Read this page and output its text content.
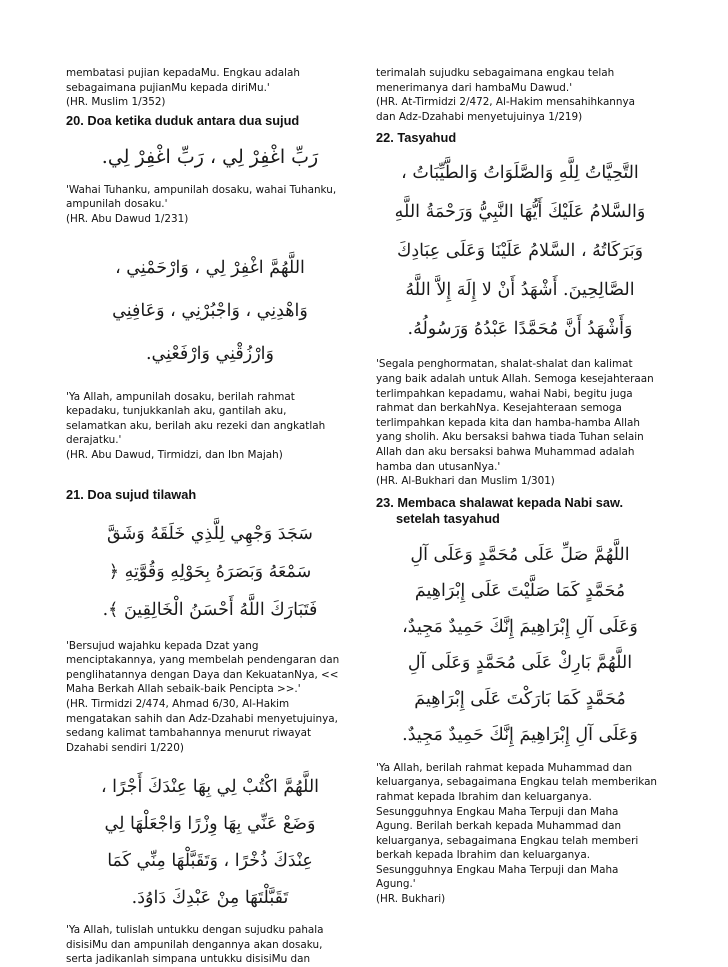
membatasi pujian kepadaMu. Engkau adalah
sebagaimana pujianMu kepada diriMu.'
(HR. Muslim 1/352)
20. Doa ketika duduk antara dua sujud
رَبِّ اغْفِرْ لِي ، رَبِّ اغْفِرْ لِي.
'Wahai Tuhanku, ampunilah dosaku, wahai Tuhanku,
ampunilah dosaku.'
(HR. Abu Dawud 1/231)
اللَّهُمَّ اغْفِرْ لِي ، وَارْحَمْنِي ،
وَاهْدِنِي ، وَاجْبُرْنِي ، وَعَافِنِي
وَارْزُقْنِي وَارْفَعْنِي.
'Ya Allah, ampunilah dosaku, berilah rahmat
kepadaku, tunjukkanlah aku, gantilah aku,
selamatkan aku, berilah aku rezeki dan angkatlah
derajatku.'
(HR. Abu Dawud, Tirmidzi, dan Ibn Majah)
21. Doa sujud tilawah
سَجَدَ وَجْهِي لِلَّذِي خَلَقَهُ وَشَقَّ
سَمْعَهُ وَبَصَرَهُ بِحَوْلِهِ وَقُوَّتِهِ ﴿
فَتَبَارَكَ اللَّهُ أَحْسَنُ الْخَالِقِينَ ﴾.
'Bersujud wajahku kepada Dzat yang
menciptakannya, yang membelah pendengaran dan
penglihatannya dengan Daya dan KekuatanNya, <<
Maha Berkah Allah sebaik-baik Pencipta >>.'
(HR. Tirmidzi 2/474, Ahmad 6/30, Al-Hakim
mengatakan sahih dan Adz-Dzahabi menyetujuinya,
sedang kalimat tambahannya menurut riwayat
Dzahabi sendiri 1/220)
اللَّهُمَّ اكْتُبْ لِي بِهَا عِنْدَكَ أَجْرًا ،
وَضَعْ عَنِّي بِهَا وِزْرًا وَاجْعَلْهَا لِي
عِنْدَكَ ذُخْرًا ، وَتَقَبَّلْهَا مِنِّي كَمَا
تَقَبَّلْتَهَا مِنْ عَبْدِكَ دَاوُدَ.
'Ya Allah, tulislah untukku dengan sujudku pahala
disisiMu dan ampunilah dengannya akan dosaku,
serta jadikanlah simpana untukku disisiMu dan
terimalah sujudku sebagaimana engkau telah
menerimanya dari hambaMu Dawud.'
(HR. At-Tirmidzi 2/472, Al-Hakim mensahihkannya
dan Adz-Dzahabi menyetujuinya 1/219)
22. Tasyahud
التَّحِيَّاتُ لِلَّهِ وَالصَّلَوَاتُ وَالطَّيِّبَاتُ ،
وَالسَّلامُ عَلَيْكَ أَيُّهَا النَّبِيُّ وَرَحْمَةُ اللَّهِ
وَبَرَكَاتُهُ ، السَّلامُ عَلَيْنَا وَعَلَى عِبَادِكَ
الصَّالِحِينَ. أَشْهَدُ أَنْ لا إِلَهَ إِلاَّ اللَّهُ
وَأَشْهَدُ أَنَّ مُحَمَّدًا عَبْدُهُ وَرَسُولُهُ.
'Segala penghormatan, shalat-shalat dan kalimat
yang baik adalah untuk Allah. Semoga kesejahteraan
terlimpahkan kepadamu, wahai Nabi, begitu juga
rahmat dan berkahNya. Kesejahteraan semoga
terlimpahkan kepada kita dan hamba-hamba Allah
yang sholih. Aku bersaksi bahwa tiada Tuhan selain
Allah dan aku bersaksi bahwa Muhammad adalah
hamba dan utusanNya.'
(HR. Al-Bukhari dan Muslim 1/301)
23. Membaca shalawat kepada Nabi saw.
setelah tasyahud
اللَّهُمَّ صَلِّ عَلَى مُحَمَّدٍ وَعَلَى آلِ
مُحَمَّدٍ كَمَا صَلَّيْتَ عَلَى إِبْرَاهِيمَ
وَعَلَى آلِ إِبْرَاهِيمَ إِنَّكَ حَمِيدٌ مَجِيدٌ،
اللَّهُمَّ بَارِكْ عَلَى مُحَمَّدٍ وَعَلَى آلِ
مُحَمَّدٍ كَمَا بَارَكْتَ عَلَى إِبْرَاهِيمَ
وَعَلَى آلِ إِبْرَاهِيمَ إِنَّكَ حَمِيدٌ مَجِيدٌ.
'Ya Allah, berilah rahmat kepada Muhammad dan
keluarganya, sebagaimana Engkau telah memberikan
rahmat kepada Ibrahim dan keluarganya.
Sesungguhnya Engkau Maha Terpuji dan Maha
Agung. Berilah berkah kepada Muhammad dan
keluarganya, sebagaimana Engkau telah memberi
berkah kepada Ibrahim dan keluarganya.
Sesungguhnya Engkau Maha Terpuji dan Maha
Agung.'
(HR. Bukhari)
